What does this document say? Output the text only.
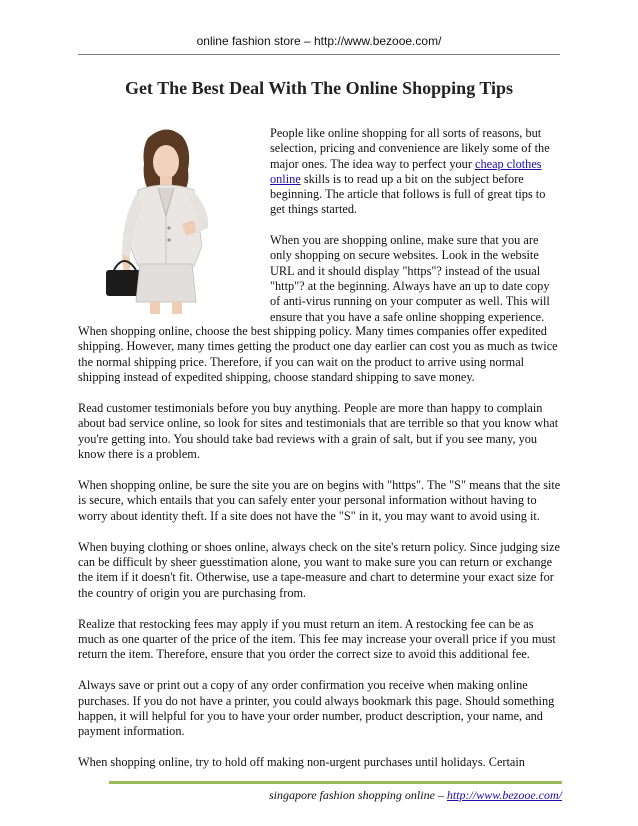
online fashion store – http://www.bezooe.com/
Get The Best Deal With The Online Shopping Tips

People like online shopping for all sorts of reasons, but selection, pricing and convenience are likely some of the major ones. The idea way to perfect your cheap clothes online skills is to read up a bit on the subject before beginning. The article that follows is full of great tips to get things started.

When you are shopping online, make sure that you are only shopping on secure websites. Look in the website URL and it should display "https"? instead of the usual "http"? at the beginning. Always have an up to date copy of anti-virus running on your computer as well. This will ensure that you have a safe online shopping experience.

When shopping online, choose the best shipping policy. Many times companies offer expedited shipping. However, many times getting the product one day earlier can cost you as much as twice the normal shipping price. Therefore, if you can wait on the product to arrive using normal shipping instead of expedited shipping, choose standard shipping to save money.

Read customer testimonials before you buy anything. People are more than happy to complain about bad service online, so look for sites and testimonials that are terrible so that you know what you're getting into. You should take bad reviews with a grain of salt, but if you see many, you know there is a problem.

When shopping online, be sure the site you are on begins with "https". The "S" means that the site is secure, which entails that you can safely enter your personal information without having to worry about identity theft. If a site does not have the "S" in it, you may want to avoid using it.

When buying clothing or shoes online, always check on the site's return policy. Since judging size can be difficult by sheer guesstimation alone, you want to make sure you can return or exchange the item if it doesn't fit. Otherwise, use a tape-measure and chart to determine your exact size for the country of origin you are purchasing from.

Realize that restocking fees may apply if you must return an item. A restocking fee can be as much as one quarter of the price of the item. This fee may increase your overall price if you must return the item. Therefore, ensure that you order the correct size to avoid this additional fee.

Always save or print out a copy of any order confirmation you receive when making online purchases. If you do not have a printer, you could always bookmark this page. Should something happen, it will helpful for you to have your order number, product description, your name, and payment information.

When shopping online, try to hold off making non-urgent purchases until holidays. Certain

singapore fashion shopping online – http://www.bezooe.com/
